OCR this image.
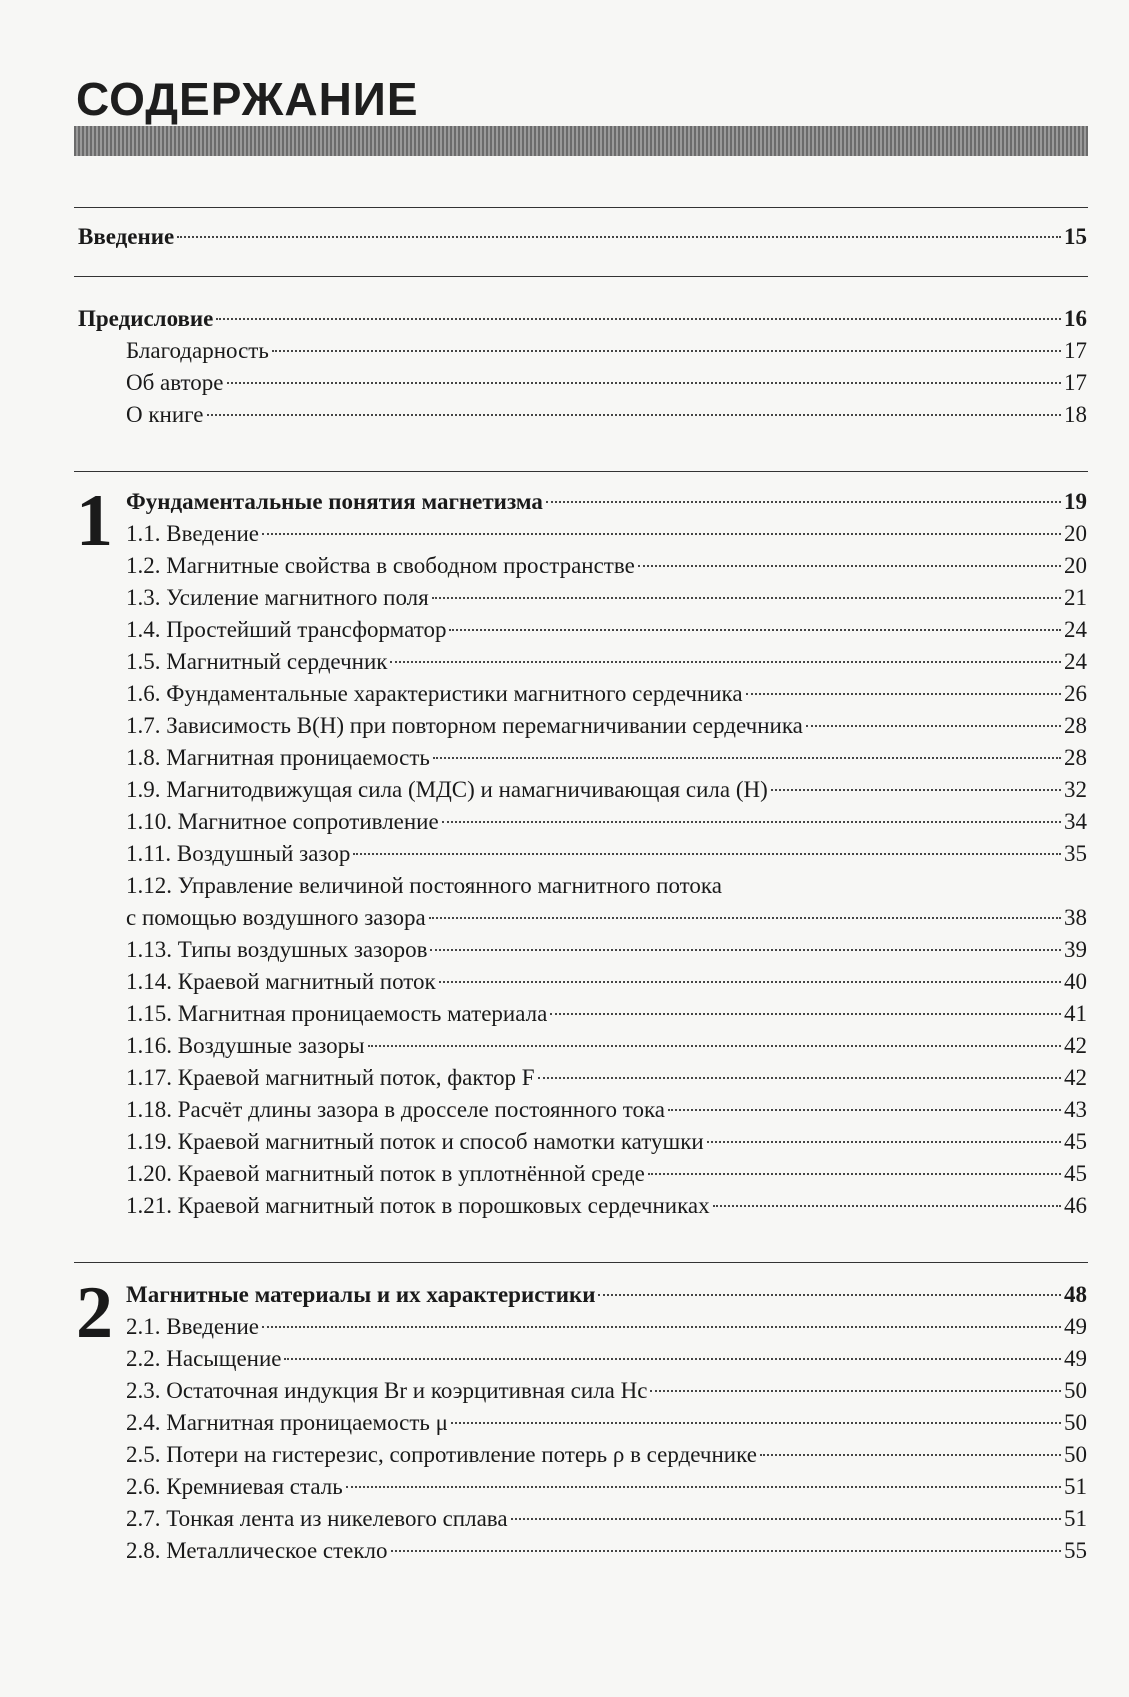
СОДЕРЖАНИЕ
Введение	15
Предисловие	16
Благодарность	17
Об авторе	17
О книге	18
1 Фундаментальные понятия магнетизма	19
1.1. Введение	20
1.2. Магнитные свойства в свободном пространстве	20
1.3. Усиление магнитного поля	21
1.4. Простейший трансформатор	24
1.5. Магнитный сердечник	24
1.6. Фундаментальные характеристики магнитного сердечника	26
1.7. Зависимость B(H) при повторном перемагничивании сердечника	28
1.8. Магнитная проницаемость	28
1.9. Магнитодвижущая сила (МДС) и намагничивающая сила (H)	32
1.10. Магнитное сопротивление	34
1.11. Воздушный зазор	35
1.12. Управление величиной постоянного магнитного потока
с помощью воздушного зазора	38
1.13. Типы воздушных зазоров	39
1.14. Краевой магнитный поток	40
1.15. Магнитная проницаемость материала	41
1.16. Воздушные зазоры	42
1.17. Краевой магнитный поток, фактор F	42
1.18. Расчёт длины зазора в дросселе постоянного тока	43
1.19. Краевой магнитный поток и способ намотки катушки	45
1.20. Краевой магнитный поток в уплотнённой среде	45
1.21. Краевой магнитный поток в порошковых сердечниках	46
2 Магнитные материалы и их характеристики	48
2.1. Введение	49
2.2. Насыщение	49
2.3. Остаточная индукция Br и коэрцитивная сила Hc	50
2.4. Магнитная проницаемость μ	50
2.5. Потери на гистерезис, сопротивление потерь ρ в сердечнике	50
2.6. Кремниевая сталь	51
2.7. Тонкая лента из никелевого сплава	51
2.8. Металлическое стекло	55
